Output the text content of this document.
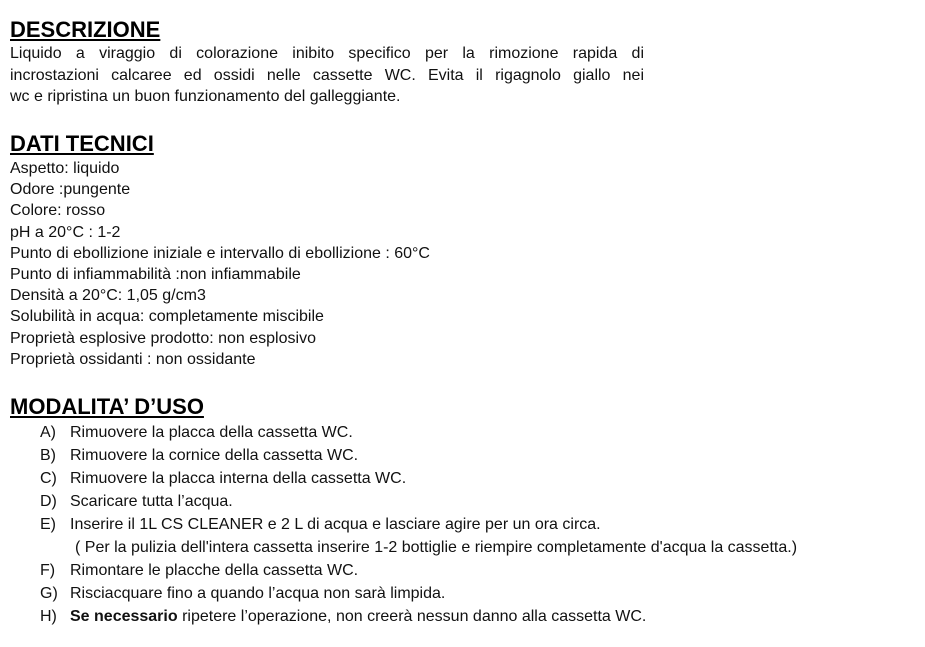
DESCRIZIONE
Liquido a viraggio di colorazione inibito specifico per la rimozione rapida di
incrostazioni calcaree ed ossidi nelle cassette WC. Evita il rigagnolo giallo nei
wc e ripristina un buon funzionamento del galleggiante.
DATI TECNICI
Aspetto: liquido
Odore :pungente
Colore: rosso
pH a 20°C : 1-2
Punto di ebollizione iniziale e intervallo di ebollizione : 60°C
Punto di infiammabilità :non infiammabile
Densità a 20°C: 1,05 g/cm3
Solubilità in acqua: completamente miscibile
Proprietà esplosive prodotto: non esplosivo
Proprietà ossidanti : non ossidante
MODALITA’ D’USO
A) Rimuovere la placca della cassetta WC.
B) Rimuovere la cornice della cassetta WC.
C) Rimuovere la placca interna della cassetta WC.
D) Scaricare tutta l’acqua.
E) Inserire il 1L CS CLEANER e 2 L di acqua e lasciare agire per un ora circa.
( Per la pulizia dell'intera cassetta inserire 1-2 bottiglie e riempire completamente d'acqua la cassetta.)
F) Rimontare le placche della cassetta WC.
G) Risciacquare fino a quando l’acqua non sarà limpida.
H) Se necessario ripetere l’operazione, non creerà nessun danno alla cassetta WC.
